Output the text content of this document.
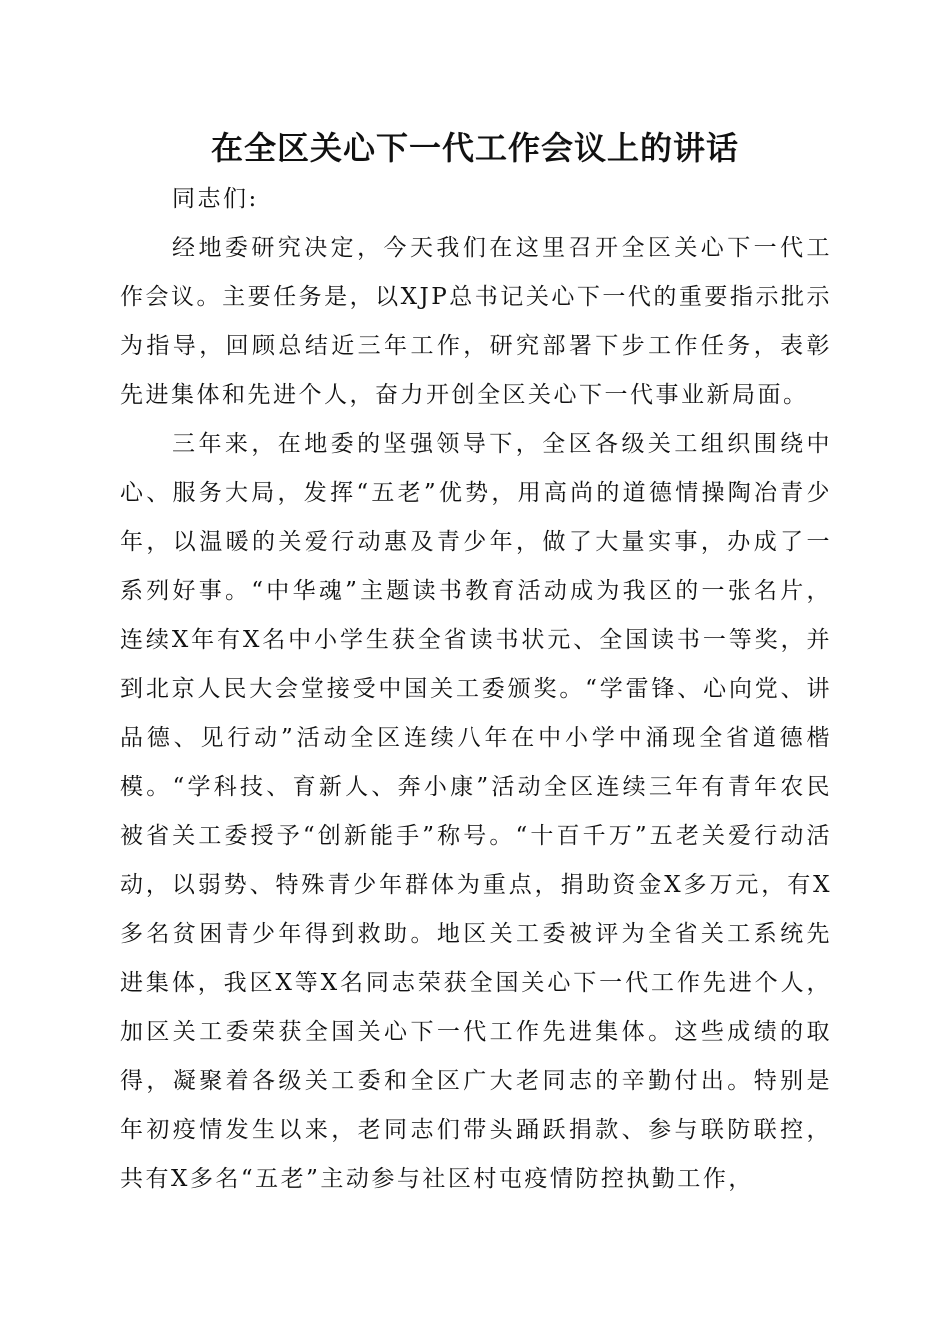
在全区关心下一代工作会议上的讲话

同志们:

经地委研究决定，今天我们在这里召开全区关心下一代工作会议。主要任务是，以XJP总书记关心下一代的重要指示批示为指导，回顾总结近三年工作，研究部署下步工作任务，表彰先进集体和先进个人，奋力开创全区关心下一代事业新局面。

三年来，在地委的坚强领导下，全区各级关工组织围绕中心、服务大局，发挥“五老”优势，用高尚的道德情操陶冶青少年，以温暖的关爱行动惠及青少年，做了大量实事，办成了一系列好事。“中华魂”主题读书教育活动成为我区的一张名片，连续X年有X名中小学生获全省读书状元、全国读书一等奖，并到北京人民大会堂接受中国关工委颁奖。“学雷锋、心向党、讲品德、见行动”活动全区连续八年在中小学中涌现全省道德楷模。“学科技、育新人、奔小康”活动全区连续三年有青年农民被省关工委授予“创新能手”称号。“十百千万”五老关爱行动活动，以弱势、特殊青少年群体为重点，捐助资金X多万元，有X多名贫困青少年得到救助。地区关工委被评为全省关工系统先进集体，我区X等X名同志荣获全国关心下一代工作先进个人，加区关工委荣获全国关心下一代工作先进集体。这些成绩的取得，凝聚着各级关工委和全区广大老同志的辛勤付出。特别是年初疫情发生以来，老同志们带头踊跃捐款、参与联防联控，共有X多名“五老”主动参与社区村屯疫情防控执勤工作，
